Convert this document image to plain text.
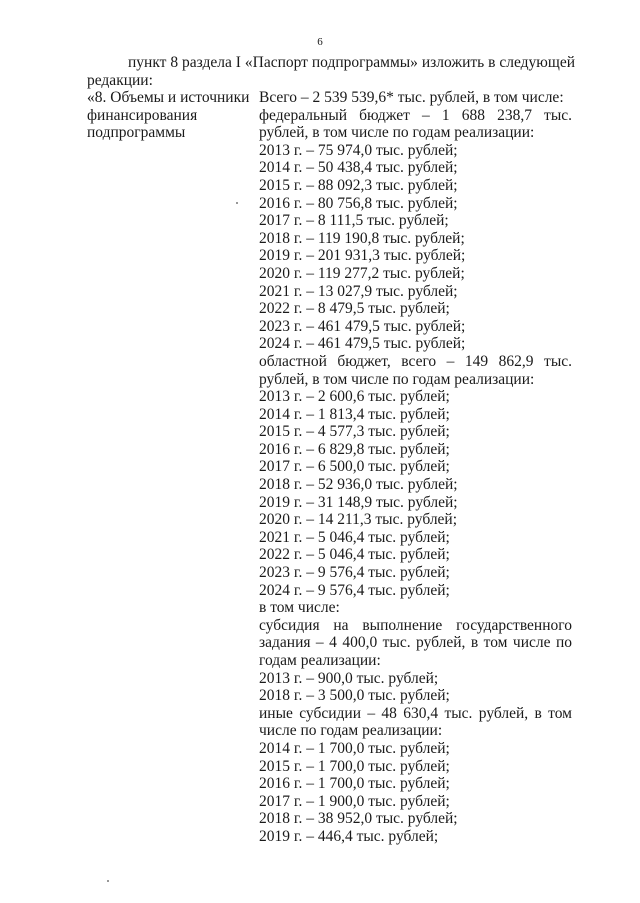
6
пункт 8 раздела I «Паспорт подпрограммы» изложить в следующей редакции:
«8. Объемы и источники
финансирования
подпрограммы
Всего – 2 539 539,6* тыс. рублей, в том числе:
федеральный бюджет – 1 688 238,7 тыс.
рублей, в том числе по годам реализации:
2013 г. – 75 974,0 тыс. рублей;
2014 г. – 50 438,4 тыс. рублей;
2015 г. – 88 092,3 тыс. рублей;
2016 г. – 80 756,8 тыс. рублей;
2017 г. – 8 111,5 тыс. рублей;
2018 г. – 119 190,8 тыс. рублей;
2019 г. – 201 931,3 тыс. рублей;
2020 г. – 119 277,2 тыс. рублей;
2021 г. – 13 027,9 тыс. рублей;
2022 г. – 8 479,5 тыс. рублей;
2023 г. – 461 479,5 тыс. рублей;
2024 г. – 461 479,5 тыс. рублей;
областной бюджет, всего – 149 862,9 тыс.
рублей, в том числе по годам реализации:
2013 г. – 2 600,6 тыс. рублей;
2014 г. – 1 813,4 тыс. рублей;
2015 г. – 4 577,3 тыс. рублей;
2016 г. – 6 829,8 тыс. рублей;
2017 г. – 6 500,0 тыс. рублей;
2018 г. – 52 936,0 тыс. рублей;
2019 г. – 31 148,9 тыс. рублей;
2020 г. – 14 211,3 тыс. рублей;
2021 г. – 5 046,4 тыс. рублей;
2022 г. – 5 046,4 тыс. рублей;
2023 г. – 9 576,4 тыс. рублей;
2024 г. – 9 576,4 тыс. рублей;
в том числе:
субсидия на выполнение государственного
задания – 4 400,0 тыс. рублей, в том числе по
годам реализации:
2013 г. – 900,0 тыс. рублей;
2018 г. – 3 500,0 тыс. рублей;
иные субсидии – 48 630,4 тыс. рублей, в том
числе по годам реализации:
2014 г. – 1 700,0 тыс. рублей;
2015 г. – 1 700,0 тыс. рублей;
2016 г. – 1 700,0 тыс. рублей;
2017 г. – 1 900,0 тыс. рублей;
2018 г. – 38 952,0 тыс. рублей;
2019 г. – 446,4 тыс. рублей;
